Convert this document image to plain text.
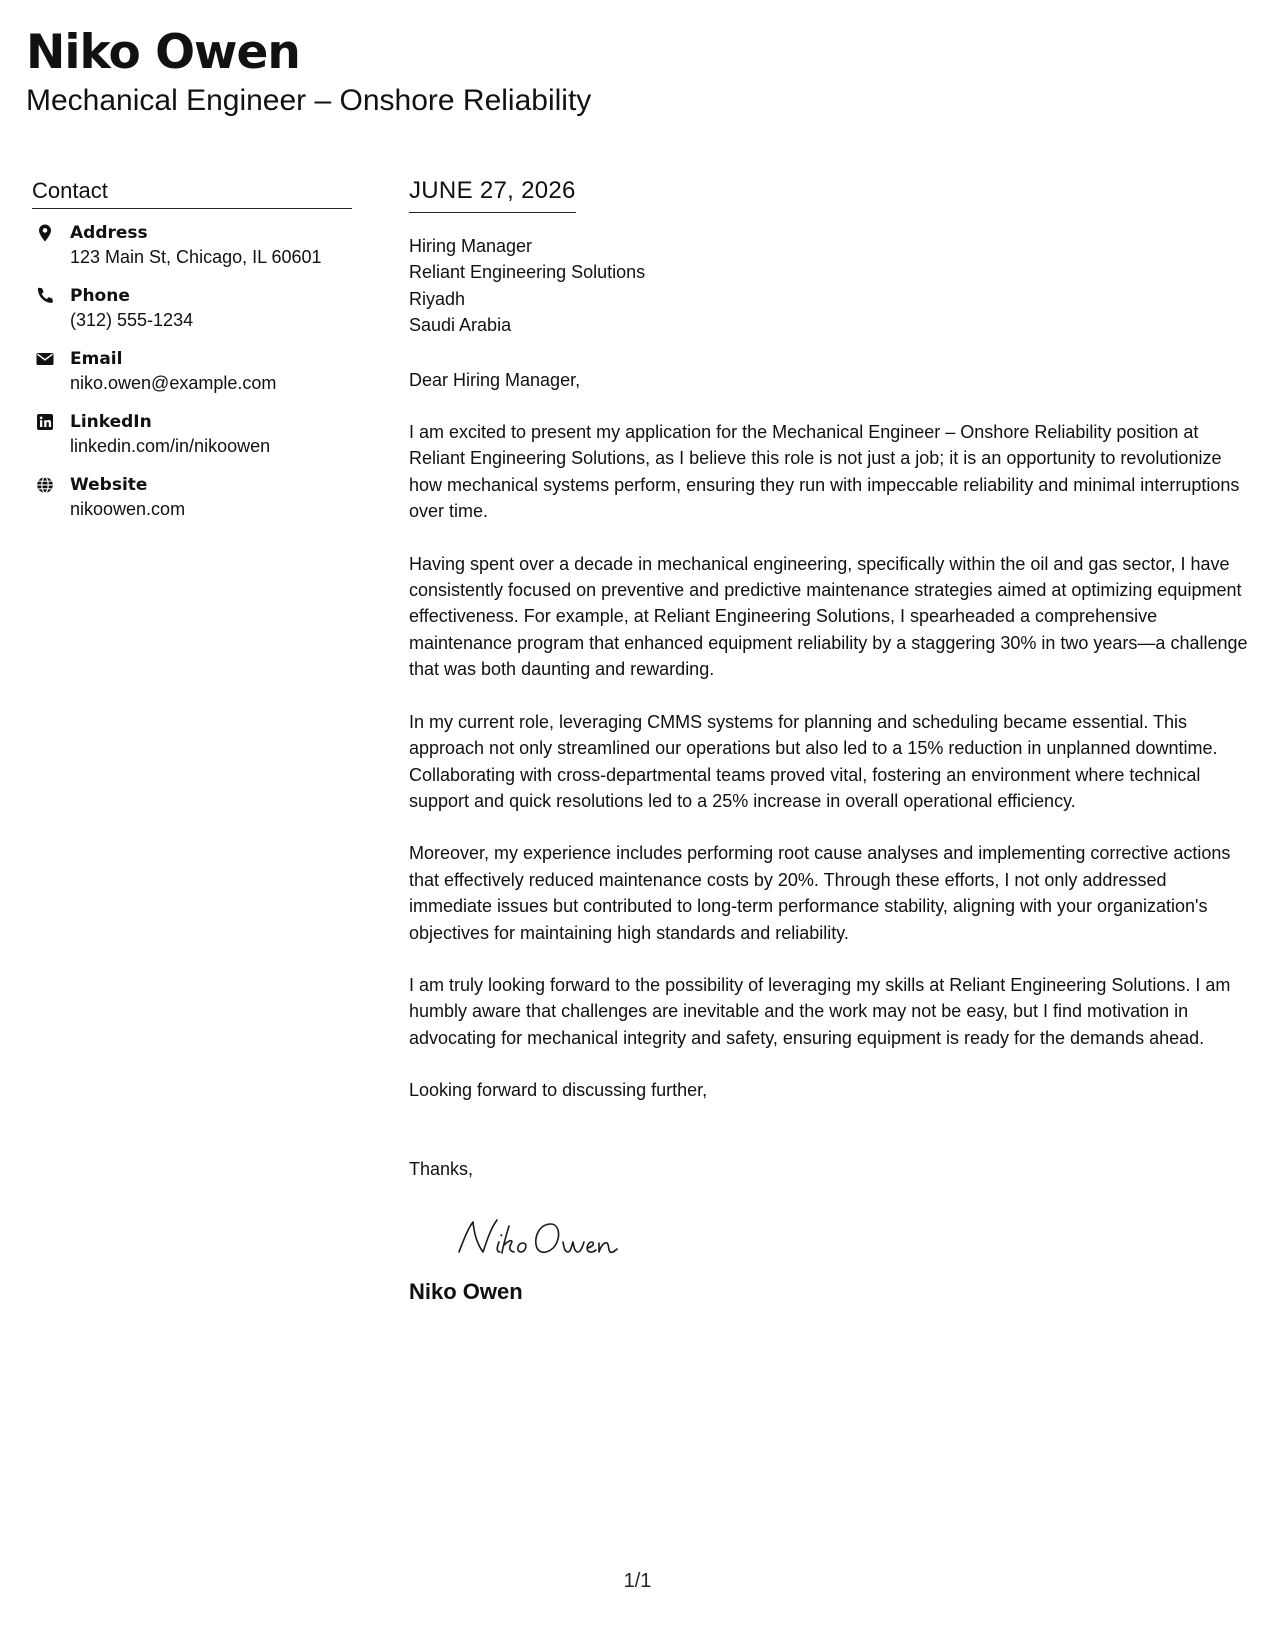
Niko Owen
Mechanical Engineer – Onshore Reliability
Contact
Address
123 Main St, Chicago, IL 60601
Phone
(312) 555-1234
Email
niko.owen@example.com
LinkedIn
linkedin.com/in/nikoowen
Website
nikoowen.com
JUNE 27, 2026
Hiring Manager
Reliant Engineering Solutions
Riyadh
Saudi Arabia
Dear Hiring Manager,

I am excited to present my application for the Mechanical Engineer – Onshore Reliability position at Reliant Engineering Solutions, as I believe this role is not just a job; it is an opportunity to revolutionize how mechanical systems perform, ensuring they run with impeccable reliability and minimal interruptions over time.

Having spent over a decade in mechanical engineering, specifically within the oil and gas sector, I have consistently focused on preventive and predictive maintenance strategies aimed at optimizing equipment effectiveness. For example, at Reliant Engineering Solutions, I spearheaded a comprehensive maintenance program that enhanced equipment reliability by a staggering 30% in two years—a challenge that was both daunting and rewarding.

In my current role, leveraging CMMS systems for planning and scheduling became essential. This approach not only streamlined our operations but also led to a 15% reduction in unplanned downtime. Collaborating with cross-departmental teams proved vital, fostering an environment where technical support and quick resolutions led to a 25% increase in overall operational efficiency.

Moreover, my experience includes performing root cause analyses and implementing corrective actions that effectively reduced maintenance costs by 20%. Through these efforts, I not only addressed immediate issues but contributed to long-term performance stability, aligning with your organization's objectives for maintaining high standards and reliability.

I am truly looking forward to the possibility of leveraging my skills at Reliant Engineering Solutions. I am humbly aware that challenges are inevitable and the work may not be easy, but I find motivation in advocating for mechanical integrity and safety, ensuring equipment is ready for the demands ahead.

Looking forward to discussing further,
Thanks,
Niko Owen
Niko Owen
1/1
